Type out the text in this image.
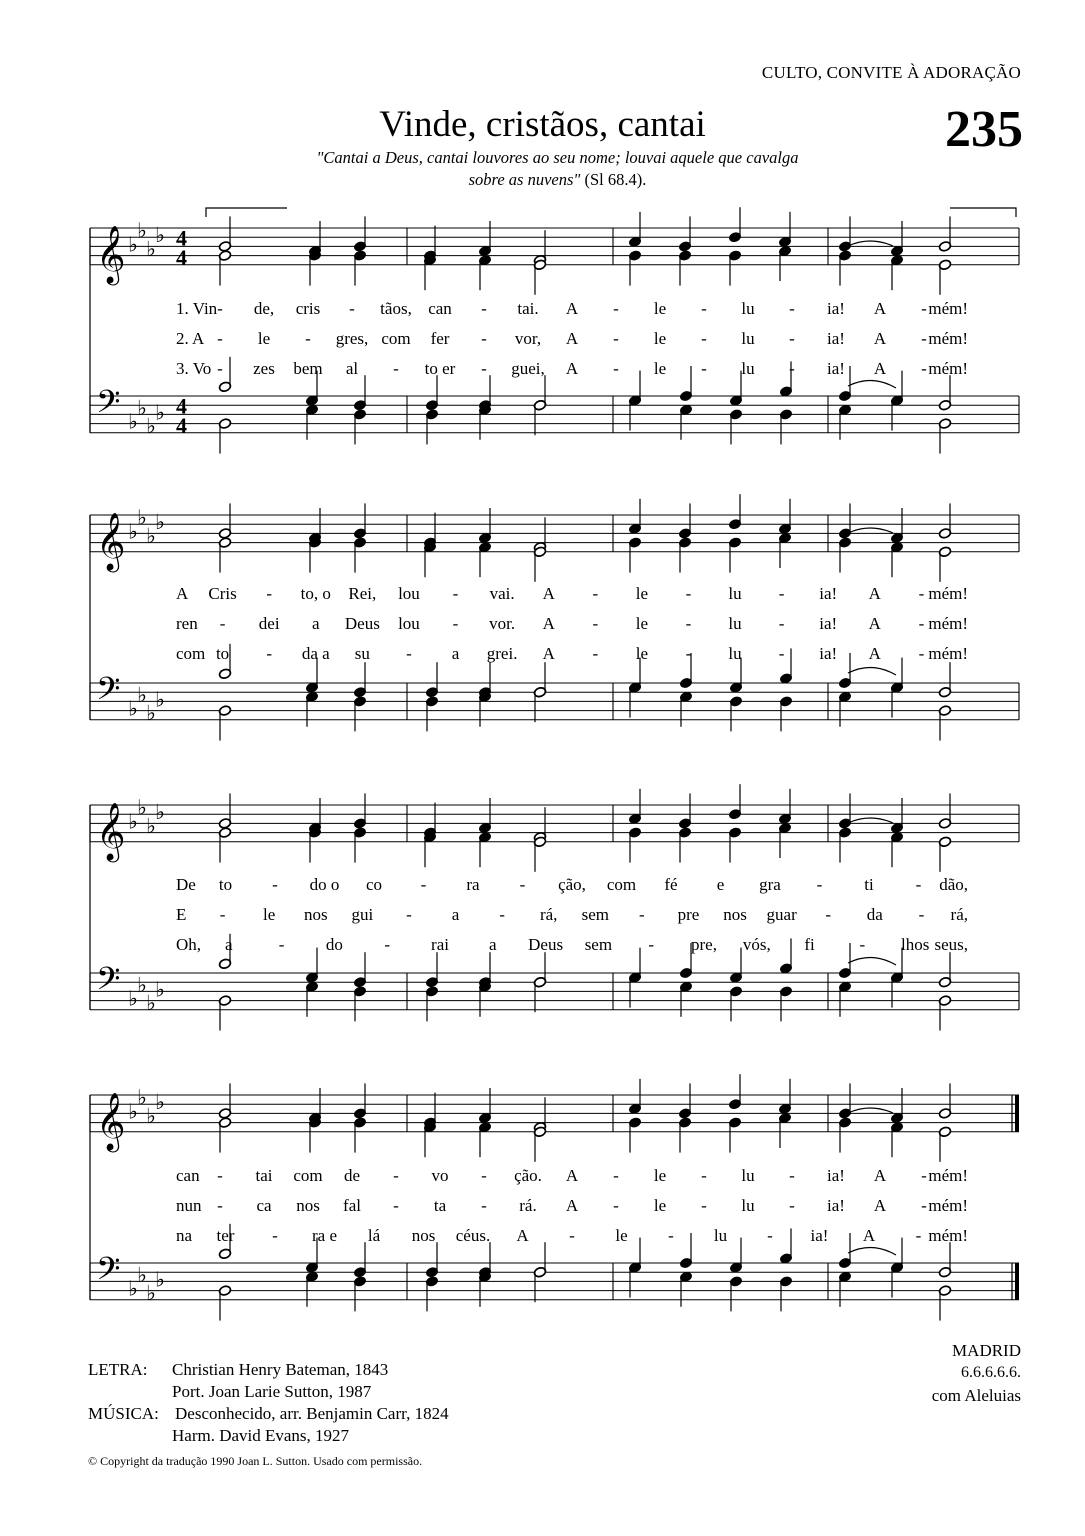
CULTO, CONVITE À ADORAÇÃO
Vinde, cristãos, cantai	235
"Cantai a Deus, cantai louvores ao seu nome; louvai aquele que cavalga
sobre as nuvens" (Sl 68.4).
𝄞 ♭
♭
♭
♭ 4
4
𝄢 ♭
♭
♭
♭ 4
4
𝄞 ♭
♭
♭
♭
𝄢 ♭
♭
♭
♭
𝄞 ♭
♭
♭
♭
𝄢 ♭
♭
♭
♭
𝄞 ♭
♭
♭
♭
𝄢 ♭
♭
♭
♭
1. Vin - de, cris - tãos, can - tai. A - le - lu - ia! A - mém!
2. A - le - gres, com fer - vor, A - le - lu - ia! A - mém!
3. Vo - zes bem al - to er - guei, A - le - lu - ia! A - mém!
A Cris - to, o Rei, lou - vai. A - le - lu - ia! A - mém!
ren - dei a Deus lou - vor. A - le - lu - ia! A - mém!
com to - da a su - a grei. A - le - lu - ia! A - mém!
De to - do o co - ra - ção, com fé e gra - ti - dão,
E - le nos gui - a - rá, sem - pre nos guar - da - rá,
Oh, a	- do - rai a Deus sem - pre, vós, fi	- lhos seus,
can - tai com de - vo - ção. A - le - lu - ia! A - mém!
nun - ca nos fal - ta - rá. A - le - lu - ia! A - mém!
na ter - ra e lá nos céus. A - le - lu - ia! A - mém!
MADRID
6.6.6.6.6.
com Aleluias
LETRA: Christian Henry Bateman, 1843
Port. Joan Larie Sutton, 1987
MÚSICA: Desconhecido, arr. Benjamin Carr, 1824
Harm. David Evans, 1927
© Copyright da tradução 1990 Joan L. Sutton. Usado com permissão.
